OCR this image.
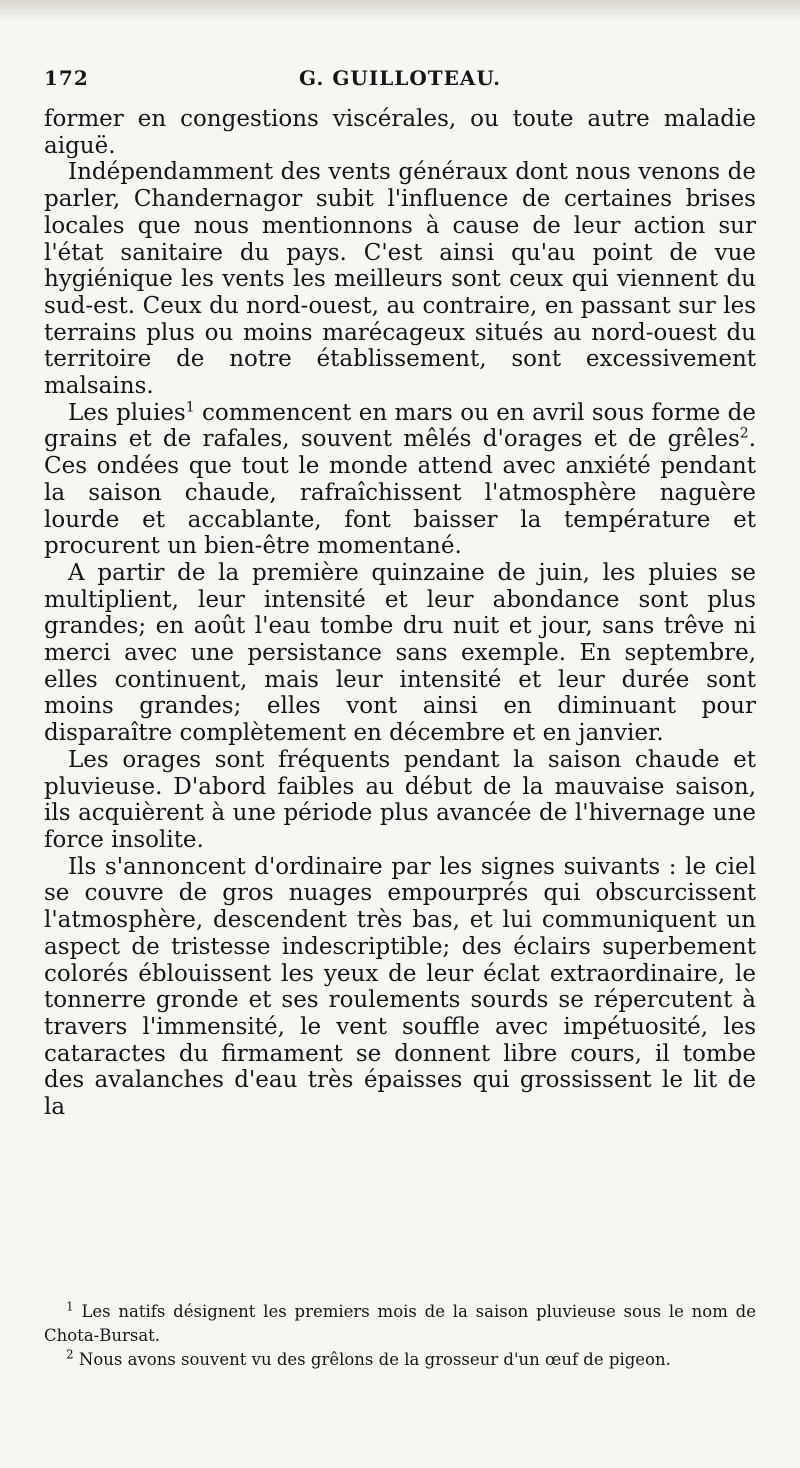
172	G. GUILLOTEAU.

former en congestions viscérales, ou toute autre maladie aiguë.

Indépendamment des vents généraux dont nous venons de parler, Chandernagor subit l'influence de certaines brises locales que nous mentionnons à cause de leur action sur l'état sanitaire du pays. C'est ainsi qu'au point de vue hygiénique les vents les meilleurs sont ceux qui viennent du sud-est. Ceux du nord-ouest, au contraire, en passant sur les terrains plus ou moins marécageux situés au nord-ouest du territoire de notre établissement, sont excessivement malsains.

Les pluies$^1$ commencent en mars ou en avril sous forme de grains et de rafales, souvent mêlés d'orages et de grêles$^2$. Ces ondées que tout le monde attend avec anxiété pendant la saison chaude, rafraîchissent l'atmosphère naguère lourde et accablante, font baisser la température et procurent un bien-être momentané.

A partir de la première quinzaine de juin, les pluies se multiplient, leur intensité et leur abondance sont plus grandes; en août l'eau tombe dru nuit et jour, sans trêve ni merci avec une persistance sans exemple. En septembre, elles continuent, mais leur intensité et leur durée sont moins grandes; elles vont ainsi en diminuant pour disparaître complètement en décembre et en janvier.

Les orages sont fréquents pendant la saison chaude et pluvieuse. D'abord faibles au début de la mauvaise saison, ils acquièrent à une période plus avancée de l'hivernage une force insolite.

Ils s'annoncent d'ordinaire par les signes suivants : le ciel se couvre de gros nuages empourprés qui obscurcissent l'atmosphère, descendent très bas, et lui communiquent un aspect de tristesse indescriptible; des éclairs superbement colorés éblouissent les yeux de leur éclat extraordinaire, le tonnerre gronde et ses roulements sourds se répercutent à travers l'immensité, le vent souffle avec impétuosité, les cataractes du firmament se donnent libre cours, il tombe des avalanches d'eau très épaisses qui grossissent le lit de la

$^1$ Les natifs désignent les premiers mois de la saison pluvieuse sous le nom de Chota-Bursat.

$^2$ Nous avons souvent vu des grêlons de la grosseur d'un œuf de pigeon.
